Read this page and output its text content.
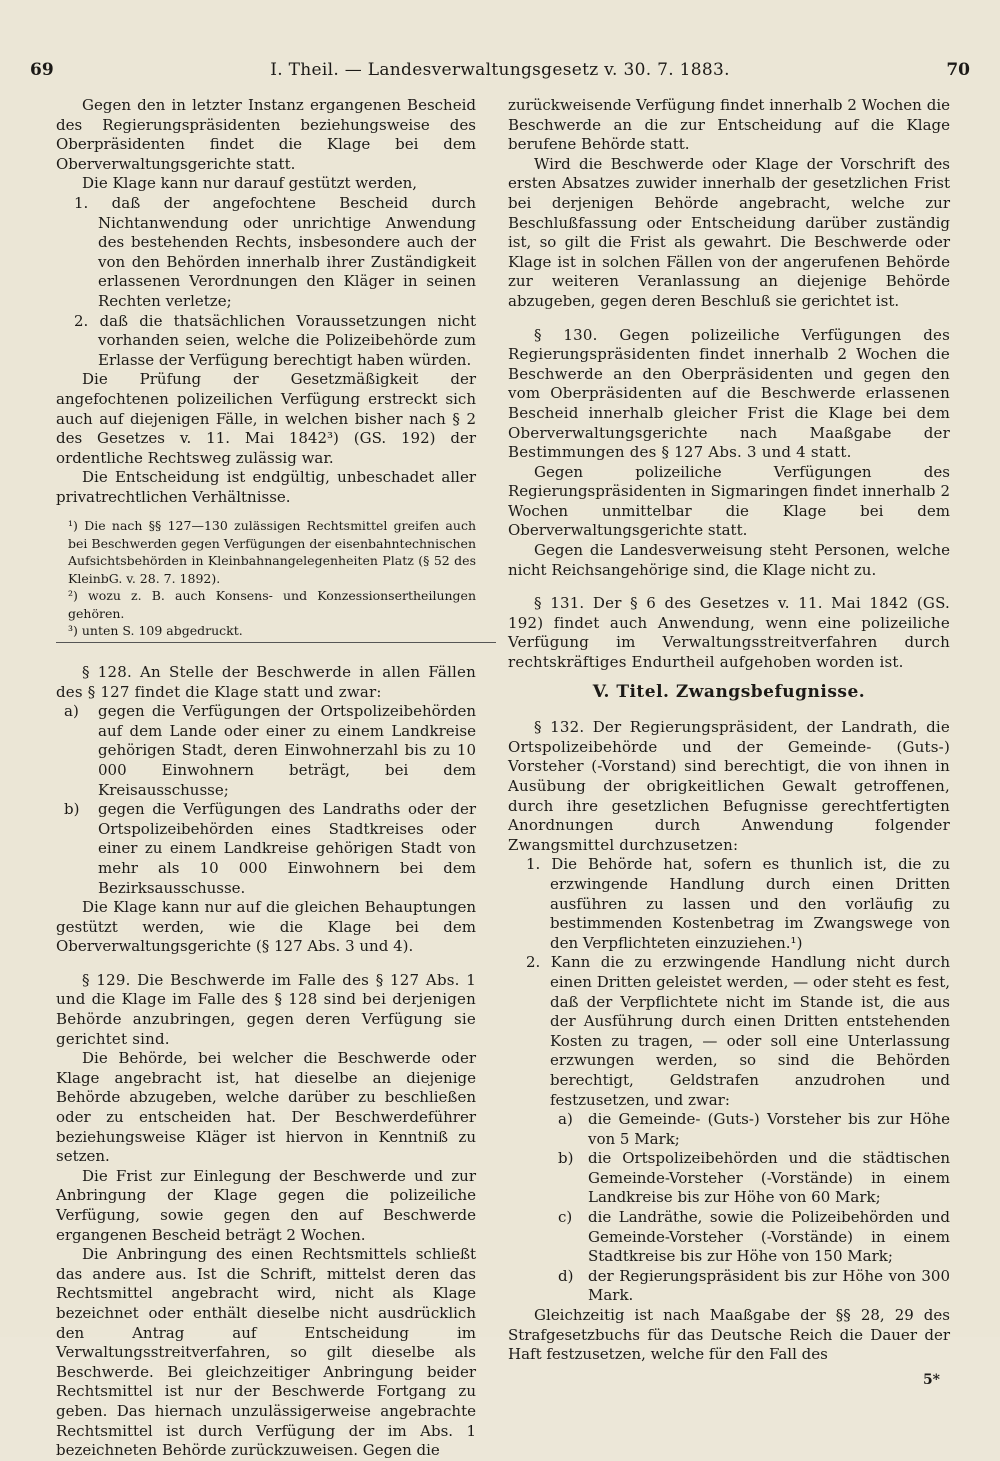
69	I. Theil. — Landesverwaltungsgesetz v. 30. 7. 1883.	70

Gegen den in letzter Instanz ergangenen Bescheid des Regierungspräsidenten beziehungsweise des Oberpräsidenten findet die Klage bei dem Oberverwaltungsgerichte statt.

Die Klage kann nur darauf gestützt werden,

1. daß der angefochtene Bescheid durch Nichtanwendung oder unrichtige Anwendung des bestehenden Rechts, insbesondere auch der von den Behörden innerhalb ihrer Zuständigkeit erlassenen Verordnungen den Kläger in seinen Rechten verletze;

2. daß die thatsächlichen Voraussetzungen nicht vorhanden seien, welche die Polizeibehörde zum Erlasse der Verfügung berechtigt haben würden.

Die Prüfung der Gesetzmäßigkeit der angefochtenen polizeilichen Verfügung erstreckt sich auch auf diejenigen Fälle, in welchen bisher nach § 2 des Gesetzes v. 11. Mai 1842³) (GS. 192) der ordentliche Rechtsweg zulässig war.

Die Entscheidung ist endgültig, unbeschadet aller privatrechtlichen Verhältnisse.

¹) Die nach §§ 127—130 zulässigen Rechtsmittel greifen auch bei Beschwerden gegen Verfügungen der eisenbahntechnischen Aufsichtsbehörden in Kleinbahnangelegenheiten Platz (§ 52 des KleinbG. v. 28. 7. 1892).

²) wozu z. B. auch Konsens- und Konzessionsertheilungen gehören.

³) unten S. 109 abgedruckt.

§ 128. An Stelle der Beschwerde in allen Fällen des § 127 findet die Klage statt und zwar:

a) gegen die Verfügungen der Ortspolizeibehörden auf dem Lande oder einer zu einem Landkreise gehörigen Stadt, deren Einwohnerzahl bis zu 10 000 Einwohnern beträgt, bei dem Kreisausschusse;
b) gegen die Verfügungen des Landraths oder der Ortspolizeibehörden eines Stadtkreises oder einer zu einem Landkreise gehörigen Stadt von mehr als 10 000 Einwohnern bei dem Bezirksausschusse.

Die Klage kann nur auf die gleichen Behauptungen gestützt werden, wie die Klage bei dem Oberverwaltungsgerichte (§ 127 Abs. 3 und 4).

§ 129. Die Beschwerde im Falle des § 127 Abs. 1 und die Klage im Falle des § 128 sind bei derjenigen Behörde anzubringen, gegen deren Verfügung sie gerichtet sind.

Die Behörde, bei welcher die Beschwerde oder Klage angebracht ist, hat dieselbe an diejenige Behörde abzugeben, welche darüber zu beschließen oder zu entscheiden hat. Der Beschwerdeführer beziehungsweise Kläger ist hiervon in Kenntniß zu setzen.

Die Frist zur Einlegung der Beschwerde und zur Anbringung der Klage gegen die polizeiliche Verfügung, sowie gegen den auf Beschwerde ergangenen Bescheid beträgt 2 Wochen.

Die Anbringung des einen Rechtsmittels schließt das andere aus. Ist die Schrift, mittelst deren das Rechtsmittel angebracht wird, nicht als Klage bezeichnet oder enthält dieselbe nicht ausdrücklich den Antrag auf Entscheidung im Verwaltungsstreitverfahren, so gilt dieselbe als Beschwerde. Bei gleichzeitiger Anbringung beider Rechtsmittel ist nur der Beschwerde Fortgang zu geben. Das hiernach unzulässigerweise angebrachte Rechtsmittel ist durch Verfügung der im Abs. 1 bezeichneten Behörde zurückzuweisen. Gegen die

zurückweisende Verfügung findet innerhalb 2 Wochen die Beschwerde an die zur Entscheidung auf die Klage berufene Behörde statt.

Wird die Beschwerde oder Klage der Vorschrift des ersten Absatzes zuwider innerhalb der gesetzlichen Frist bei derjenigen Behörde angebracht, welche zur Beschlußfassung oder Entscheidung darüber zuständig ist, so gilt die Frist als gewahrt. Die Beschwerde oder Klage ist in solchen Fällen von der angerufenen Behörde zur weiteren Veranlassung an diejenige Behörde abzugeben, gegen deren Beschluß sie gerichtet ist.

§ 130. Gegen polizeiliche Verfügungen des Regierungspräsidenten findet innerhalb 2 Wochen die Beschwerde an den Oberpräsidenten und gegen den vom Oberpräsidenten auf die Beschwerde erlassenen Bescheid innerhalb gleicher Frist die Klage bei dem Oberverwaltungsgerichte nach Maaßgabe der Bestimmungen des § 127 Abs. 3 und 4 statt.

Gegen polizeiliche Verfügungen des Regierungspräsidenten in Sigmaringen findet innerhalb 2 Wochen unmittelbar die Klage bei dem Oberverwaltungsgerichte statt.

Gegen die Landesverweisung steht Personen, welche nicht Reichsangehörige sind, die Klage nicht zu.

§ 131. Der § 6 des Gesetzes v. 11. Mai 1842 (GS. 192) findet auch Anwendung, wenn eine polizeiliche Verfügung im Verwaltungsstreitverfahren durch rechtskräftiges Endurtheil aufgehoben worden ist.

V. Titel. Zwangsbefugnisse.

§ 132. Der Regierungspräsident, der Landrath, die Ortspolizeibehörde und der Gemeinde- (Guts-) Vorsteher (-Vorstand) sind berechtigt, die von ihnen in Ausübung der obrigkeitlichen Gewalt getroffenen, durch ihre gesetzlichen Befugnisse gerechtfertigten Anordnungen durch Anwendung folgender Zwangsmittel durchzusetzen:

1. Die Behörde hat, sofern es thunlich ist, die zu erzwingende Handlung durch einen Dritten ausführen zu lassen und den vorläufig zu bestimmenden Kostenbetrag im Zwangswege von den Verpflichteten einzuziehen.¹)

2. Kann die zu erzwingende Handlung nicht durch einen Dritten geleistet werden, — oder steht es fest, daß der Verpflichtete nicht im Stande ist, die aus der Ausführung durch einen Dritten entstehenden Kosten zu tragen, — oder soll eine Unterlassung erzwungen werden, so sind die Behörden berechtigt, Geldstrafen anzudrohen und festzusetzen, und zwar:

a) die Gemeinde- (Guts-) Vorsteher bis zur Höhe von 5 Mark;
b) die Ortspolizeibehörden und die städtischen Gemeinde-Vorsteher (-Vorstände) in einem Landkreise bis zur Höhe von 60 Mark;
c) die Landräthe, sowie die Polizeibehörden und Gemeinde-Vorsteher (-Vorstände) in einem Stadtkreise bis zur Höhe von 150 Mark;
d) der Regierungspräsident bis zur Höhe von 300 Mark.

Gleichzeitig ist nach Maaßgabe der §§ 28, 29 des Strafgesetzbuchs für das Deutsche Reich die Dauer der Haft festzusetzen, welche für den Fall des

5*
